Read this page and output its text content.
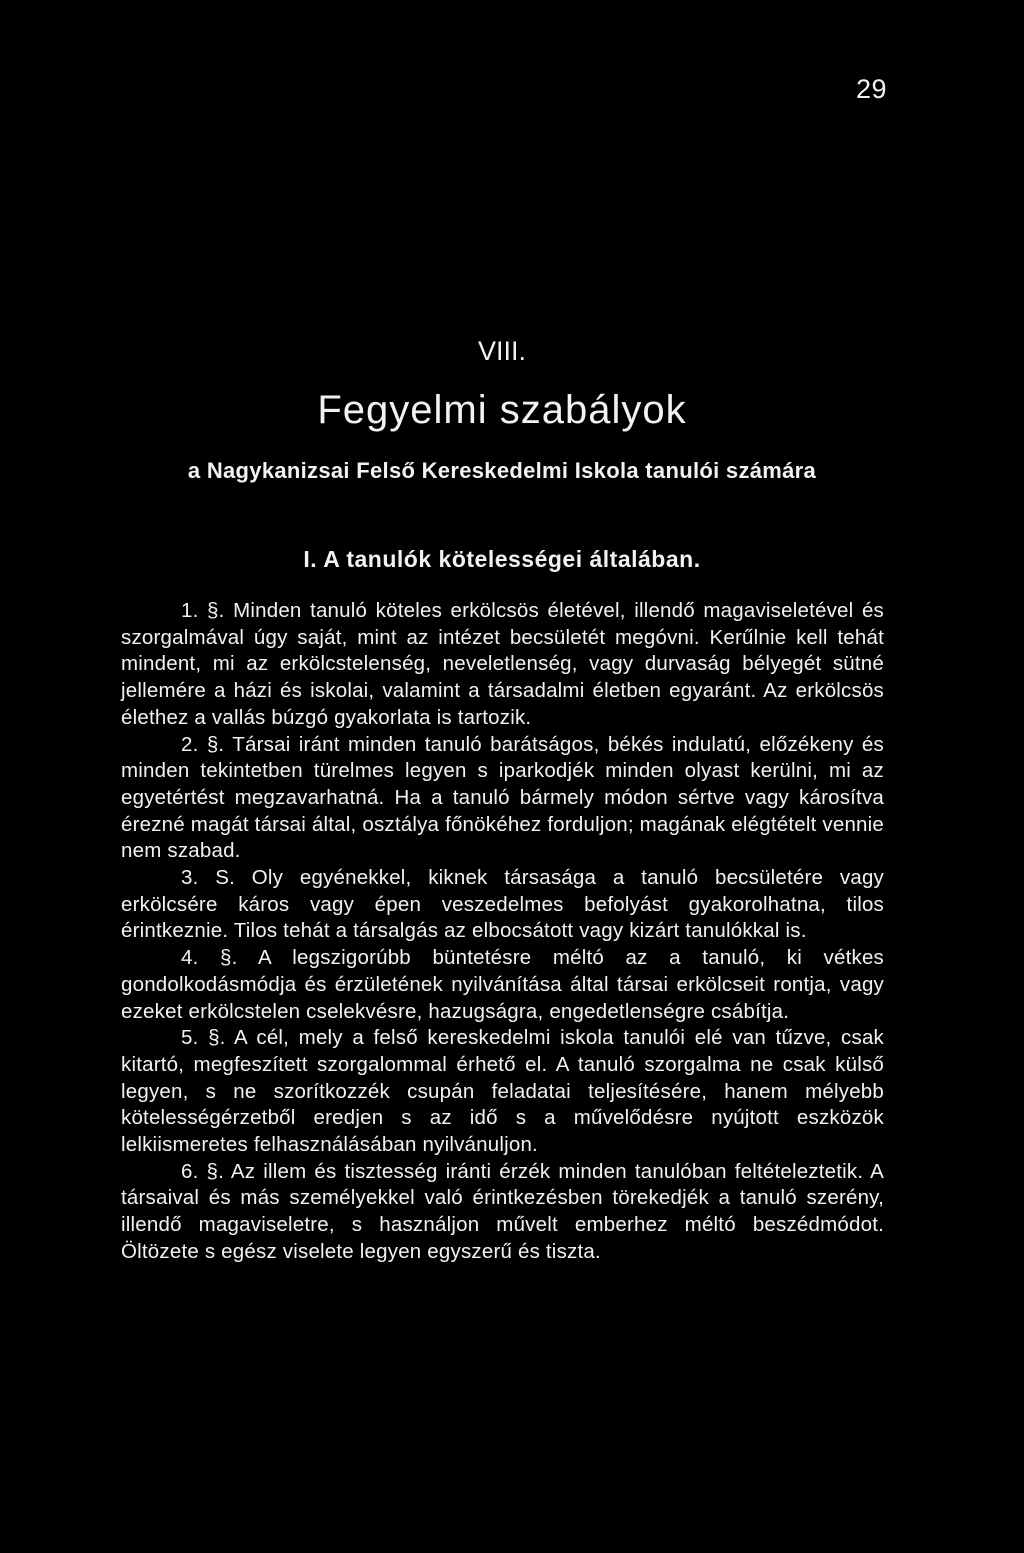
29
VIII.
Fegyelmi szabályok
a Nagykanizsai Felső Kereskedelmi Iskola tanulói számára
I. A tanulók kötelességei általában.

1. §. Minden tanuló köteles erkölcsös életével, illendő magaviseletével és szorgalmával úgy saját, mint az intézet becsületét megóvni. Kerűlnie kell tehát mindent, mi az erkölcstelenség, neveletlenség, vagy durvaság bélyegét sütné jellemére a házi és iskolai, valamint a társadalmi életben egyaránt. Az erkölcsös élethez a vallás búzgó gyakorlata is tartozik.

2. §. Társai iránt minden tanuló barátságos, békés indulatú, előzékeny és minden tekintetben türelmes legyen s iparkodjék minden olyast kerülni, mi az egyetértést megzavarhatná. Ha a tanuló bármely módon sértve vagy károsítva érezné magát társai által, osztálya főnökéhez forduljon; magának elégtételt vennie nem szabad.

3. S. Oly egyénekkel, kiknek társasága a tanuló becsületére vagy erkölcsére káros vagy épen veszedelmes befolyást gyakorolhatna, tilos érintkeznie. Tilos tehát a társalgás az elbocsátott vagy kizárt tanulókkal is.

4. §. A legszigorúbb büntetésre méltó az a tanuló, ki vétkes gondolkodásmódja és érzületének nyilvánítása által társai erkölcseit rontja, vagy ezeket erkölcstelen cselekvésre, hazugságra, engedetlenségre csábítja.

5. §. A cél, mely a felső kereskedelmi iskola tanulói elé van tűzve, csak kitartó, megfeszített szorgalommal érhető el. A tanuló szorgalma ne csak külső legyen, s ne szorítkozzék csupán feladatai teljesítésére, hanem mélyebb kötelességérzetből eredjen s az idő s a művelődésre nyújtott eszközök lelkiismeretes felhasználásában nyilvánuljon.

6. §. Az illem és tisztesség iránti érzék minden tanulóban feltételeztetik. A társaival és más személyekkel való érintkezésben törekedjék a tanuló szerény, illendő magaviseletre, s használjon művelt emberhez méltó beszédmódot. Öltözete s egész viselete legyen egyszerű és tiszta.
